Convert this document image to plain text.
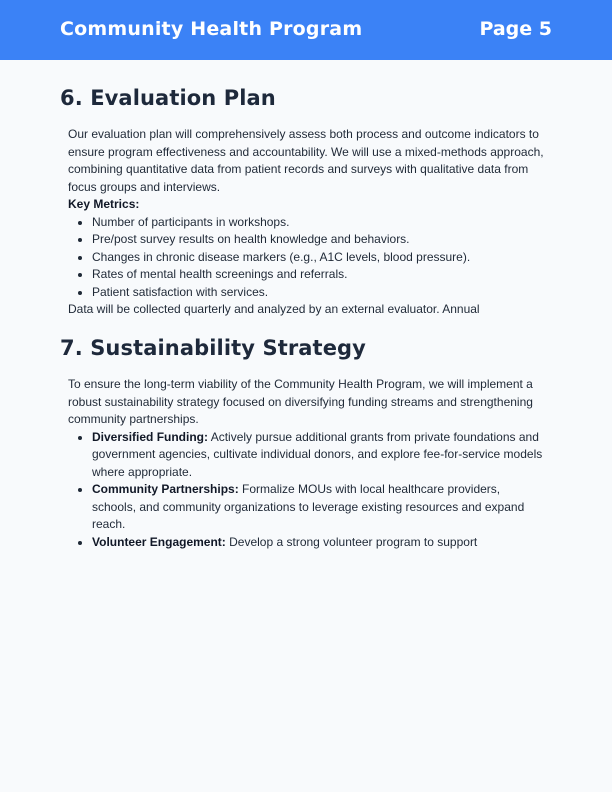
Community Health Program	Page 5
6. Evaluation Plan

Our evaluation plan will comprehensively assess both process and outcome indicators to ensure program effectiveness and accountability. We will use a mixed-methods approach, combining quantitative data from patient records and surveys with qualitative data from focus groups and interviews.

Key Metrics:

• Number of participants in workshops.
• Pre/post survey results on health knowledge and behaviors.
• Changes in chronic disease markers (e.g., A1C levels, blood pressure).
• Rates of mental health screenings and referrals.
• Patient satisfaction with services.

Data will be collected quarterly and analyzed by an external evaluator. Annual

7. Sustainability Strategy

To ensure the long-term viability of the Community Health Program, we will implement a robust sustainability strategy focused on diversifying funding streams and strengthening community partnerships.

• Diversified Funding: Actively pursue additional grants from private foundations and government agencies, cultivate individual donors, and explore fee-for-service models where appropriate.
• Community Partnerships: Formalize MOUs with local healthcare providers, schools, and community organizations to leverage existing resources and expand reach.
• Volunteer Engagement: Develop a strong volunteer program to support
